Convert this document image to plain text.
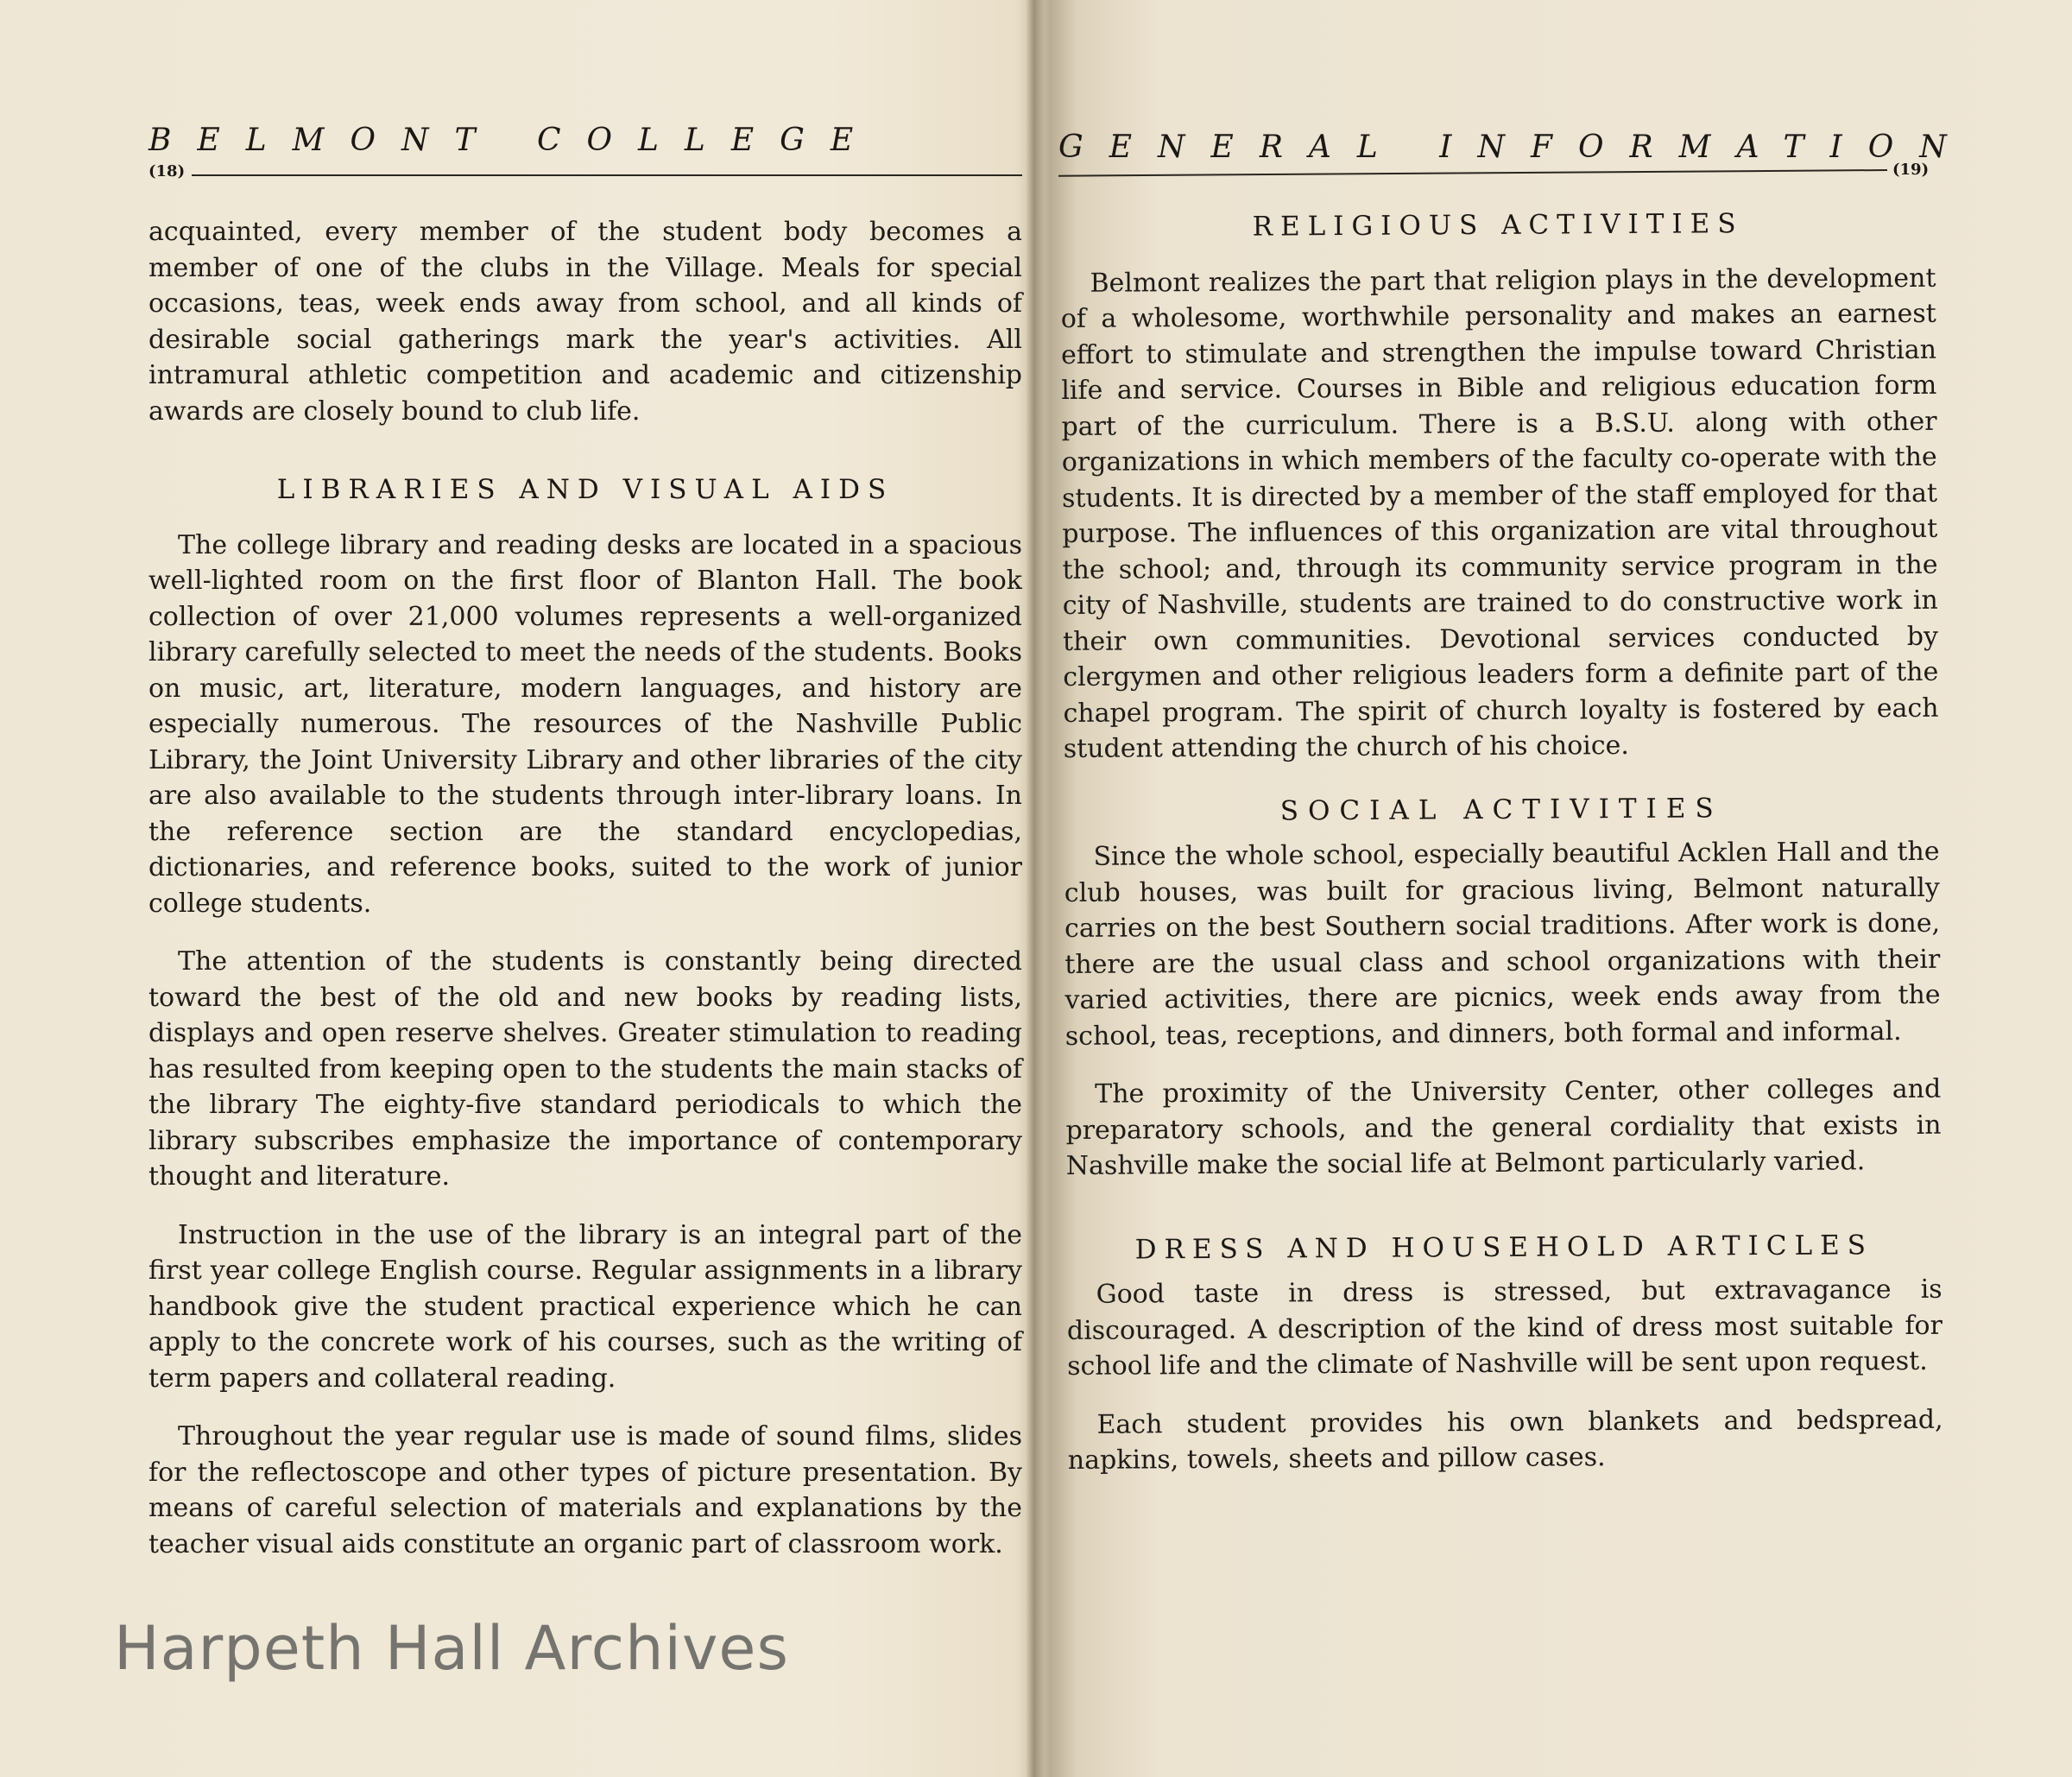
BELMONT COLLEGE
(18)

acquainted, every member of the student body becomes a member of one of the clubs in the Village. Meals for special occasions, teas, week ends away from school, and all kinds of desirable social gatherings mark the year's activities. All intramural athletic competition and academic and citizenship awards are closely bound to club life.

LIBRARIES AND VISUAL AIDS

The college library and reading desks are located in a spacious well-lighted room on the first floor of Blanton Hall. The book collection of over 21,000 volumes represents a well-organized library carefully selected to meet the needs of the students. Books on music, art, literature, modern languages, and history are especially numerous. The resources of the Nashville Public Library, the Joint University Library and other libraries of the city are also available to the students through inter-library loans. In the reference section are the standard encyclopedias, dictionaries, and reference books, suited to the work of junior college students.

The attention of the students is constantly being directed toward the best of the old and new books by reading lists, displays and open reserve shelves. Greater stimulation to reading has resulted from keeping open to the students the main stacks of the library The eighty-five standard periodicals to which the library subscribes emphasize the importance of contemporary thought and literature.

Instruction in the use of the library is an integral part of the first year college English course. Regular assignments in a library handbook give the student practical experience which he can apply to the concrete work of his courses, such as the writing of term papers and collateral reading.

Throughout the year regular use is made of sound films, slides for the reflectoscope and other types of picture presentation. By means of careful selection of materials and explanations by the teacher visual aids constitute an organic part of classroom work.

GENERAL INFORMATION
(19)
RELIGIOUS ACTIVITIES

Belmont realizes the part that religion plays in the development of a wholesome, worthwhile personality and makes an earnest effort to stimulate and strengthen the impulse toward Christian life and service. Courses in Bible and religious education form part of the curriculum. There is a B.S.U. along with other organizations in which members of the faculty co-operate with the students. It is directed by a member of the staff employed for that purpose. The influences of this organization are vital throughout the school; and, through its community service program in the city of Nashville, students are trained to do constructive work in their own communities. Devotional services conducted by clergymen and other religious leaders form a definite part of the chapel program. The spirit of church loyalty is fostered by each student attending the church of his choice.

SOCIAL ACTIVITIES

Since the whole school, especially beautiful Acklen Hall and the club houses, was built for gracious living, Belmont naturally carries on the best Southern social traditions. After work is done, there are the usual class and school organizations with their varied activities, there are picnics, week ends away from the school, teas, receptions, and dinners, both formal and informal.

The proximity of the University Center, other colleges and preparatory schools, and the general cordiality that exists in Nashville make the social life at Belmont particularly varied.

DRESS AND HOUSEHOLD ARTICLES

Good taste in dress is stressed, but extravagance is discouraged. A description of the kind of dress most suitable for school life and the climate of Nashville will be sent upon request.

Each student provides his own blankets and bedspread, napkins, towels, sheets and pillow cases.

Harpeth Hall Archives
